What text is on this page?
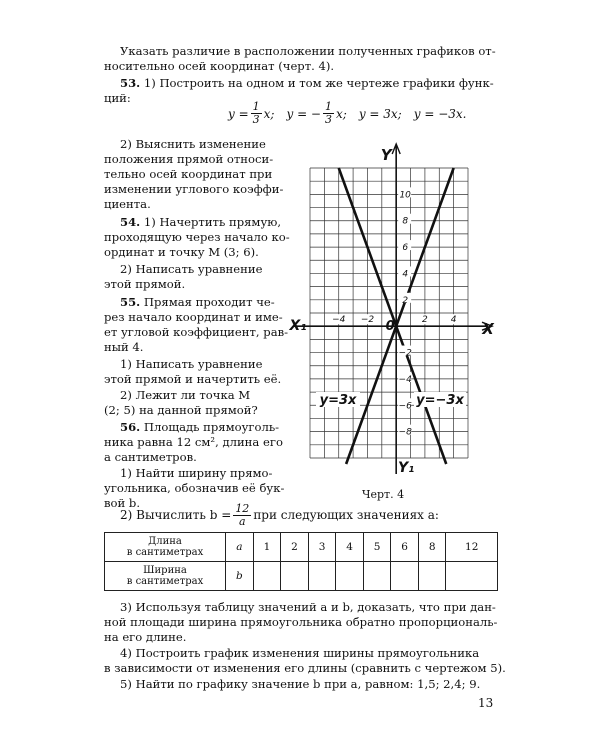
Указать различие в расположении полученных графиков от-
носительно осей координат (черт. 4).
53. 1) Построить на одном и том же чертеже графики функ-
ций:
$y = \frac{1}{3} x$; y = − $\frac{1}{3} x$; y = 3x; y = −3x.
2) Выяснить изменение
положения прямой относи-
тельно осей координат при
изменении углового коэффи-
циента.
54. 1) Начертить прямую,
проходящую через начало ко-
ординат и точку M (3; 6).
2) Написать уравнение
этой прямой.
55. Прямая проходит че-
рез начало координат и име-
ет угловой коэффициент, рав-
ный 4.
1) Написать уравнение
этой прямой и начертить её.
2) Лежит ли точка M
(2; 5) на данной прямой?
56. Площадь прямоуголь-
ника равна 12 см², длина его
a сантиметров.
1) Найти ширину прямо-
угольника, обозначив её бук-
вой b.
2) Вычислить $b = \frac{12}{a}$ при следующих значениях a:
Длина
в сантиметрах	a	1	2	3	4	5	6	8	12

Ширина
в сантиметрах	b								
3) Используя таблицу значений a и b, доказать, что при дан-
ной площади ширина прямоугольника обратно пропорциональ-
на его длине.
4) Построить график изменения ширины прямоугольника
в зависимости от изменения его длины (сравнить с чертежом 5).
5) Найти по графику значение b при a, равном: 1,5; 2,4; 9.
10
8
6
4
2
−2
−4
−6
−8
−4 −2	2	4
0
Y
X
X₁
Y₁
y=3x	y=−3x
Черт. 4
13
